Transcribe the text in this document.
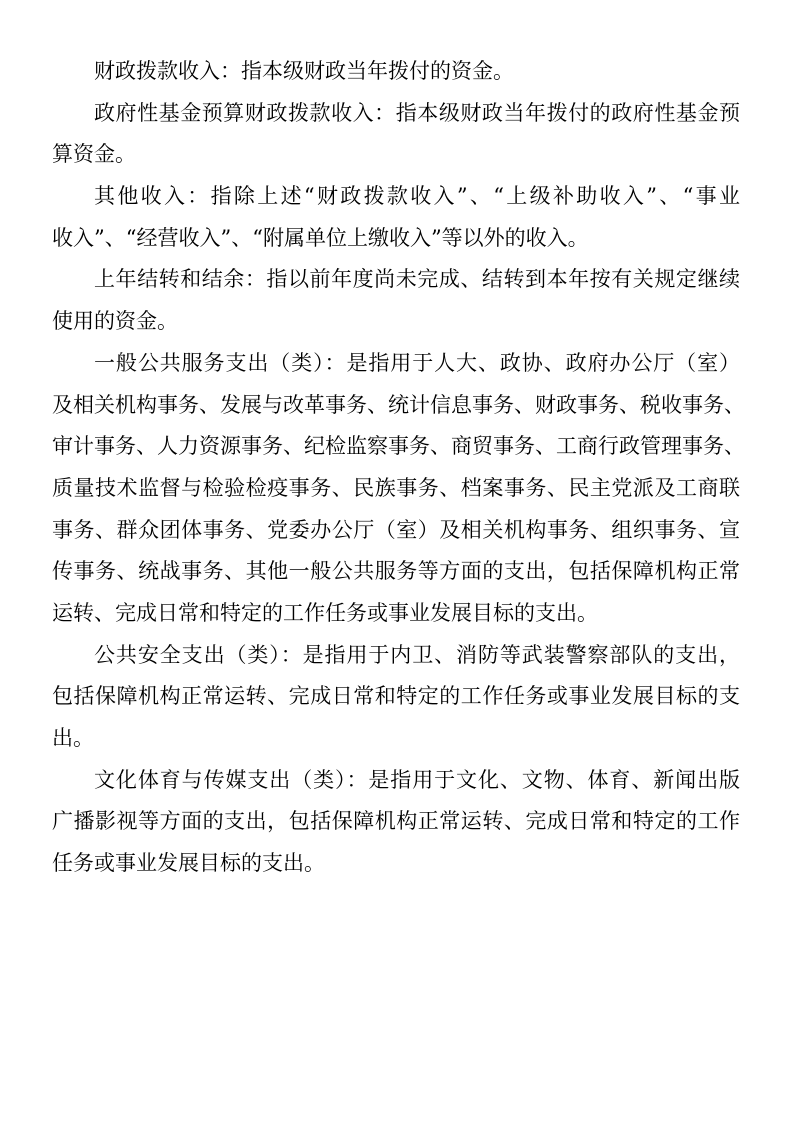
财政拨款收入：指本级财政当年拨付的资金。
政府性基金预算财政拨款收入：指本级财政当年拨付的政府性基金预
算资金。
其他收入：指除上述“财政拨款收入”、“上级补助收入”、“事业
收入”、“经营收入”、“附属单位上缴收入”等以外的收入。
上年结转和结余：指以前年度尚未完成、结转到本年按有关规定继续
使用的资金。
一般公共服务支出（类）：是指用于人大、政协、政府办公厅（室）
及相关机构事务、发展与改革事务、统计信息事务、财政事务、税收事务、
审计事务、人力资源事务、纪检监察事务、商贸事务、工商行政管理事务、
质量技术监督与检验检疫事务、民族事务、档案事务、民主党派及工商联
事务、群众团体事务、党委办公厅（室）及相关机构事务、组织事务、宣
传事务、统战事务、其他一般公共服务等方面的支出，包括保障机构正常
运转、完成日常和特定的工作任务或事业发展目标的支出。
公共安全支出（类）：是指用于内卫、消防等武装警察部队的支出，
包括保障机构正常运转、完成日常和特定的工作任务或事业发展目标的支
出。
文化体育与传媒支出（类）：是指用于文化、文物、体育、新闻出版
广播影视等方面的支出，包括保障机构正常运转、完成日常和特定的工作
任务或事业发展目标的支出。
